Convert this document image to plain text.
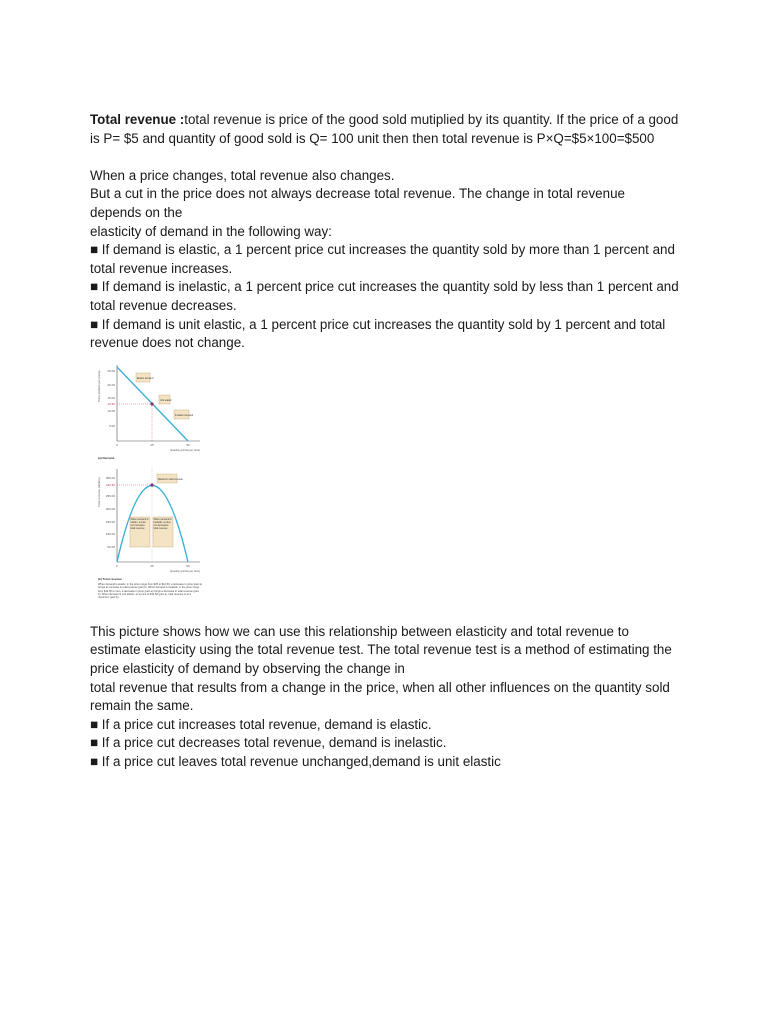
Total revenue :total revenue is price of the good sold mutiplied by its quantity. If the price of a good is P= $5 and quantity of good sold is Q= 100 unit then then total revenue is P×Q=$5×100=$500

When a price changes, total revenue also changes.

But a cut in the price does not always decrease total revenue. The change in total revenue depends on the

elasticity of demand in the following way:

■ If demand is elastic, a 1 percent price cut increases the quantity sold by more than 1 percent and total revenue increases.

■ If demand is inelastic, a 1 percent price cut increases the quantity sold by less than 1 percent and total revenue decreases.

■ If demand is unit elastic, a 1 percent price cut increases the quantity sold by 1 percent and total revenue does not change.

Price (dollars per pizza) 25.00
20.00
15.00
12.50
10.00
5.00
Elastic demand
Unit elastic
Inelastic demand
0	25	50
Quantity (pizzas per hour)
(a) Demand
Total revenue (dollars) 350.00
312.50
250.00
200.00
150.00
100.00
50.00
Maximum total revenue
When demand is elastic, a price cut increases total revenue
When demand is inelastic, a price cut decreases total revenue
0	25	50
Quantity (pizzas per hour)
(b) Total revenue
When demand is elastic, in the price range from $25 to $12.50, a decrease in price (part a) brings an increase in total revenue (part b). When demand is inelastic, in the price range from $12.50 to zero, a decrease in price (part a) brings a decrease in total revenue (part b). When demand is unit elastic, at a price of $12.50 (part a), total revenue is at a maximum (part b).

This picture shows how we can use this relationship between elasticity and total revenue to estimate elasticity using the total revenue test. The total revenue test is a method of estimating the price elasticity of demand by observing the change in

total revenue that results from a change in the price, when all other influences on the quantity sold remain the same.

■ If a price cut increases total revenue, demand is elastic.

■ If a price cut decreases total revenue, demand is inelastic.

■ If a price cut leaves total revenue unchanged,demand is unit elastic
